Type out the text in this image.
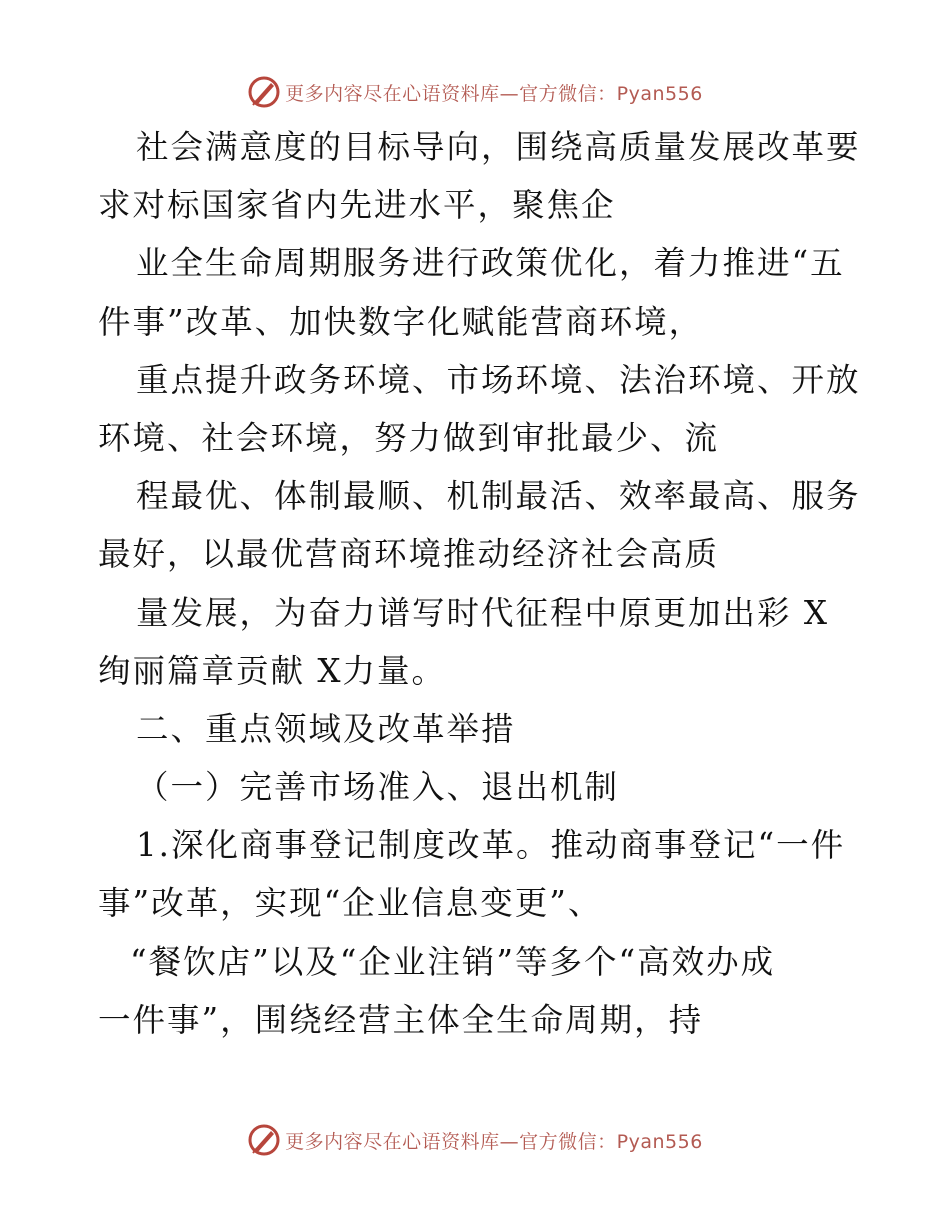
更多内容尽在心语资料库—官方微信：Pyan556
社会满意度的目标导向，围绕高质量发展改革要
求对标国家省内先进水平，聚焦企
业全生命周期服务进行政策优化，着力推进“五
件事”改革、加快数字化赋能营商环境，
重点提升政务环境、市场环境、法治环境、开放
环境、社会环境，努力做到审批最少、流
程最优、体制最顺、机制最活、效率最高、服务
最好，以最优营商环境推动经济社会高质
量发展，为奋力谱写时代征程中原更加出彩 X
绚丽篇章贡献 X力量。
二、重点领域及改革举措
（一）完善市场准入、退出机制
1.深化商事登记制度改革。推动商事登记“一件
事”改革，实现“企业信息变更”、
“餐饮店”以及“企业注销”等多个“高效办成
一件事”，围绕经营主体全生命周期，持
更多内容尽在心语资料库—官方微信：Pyan556
